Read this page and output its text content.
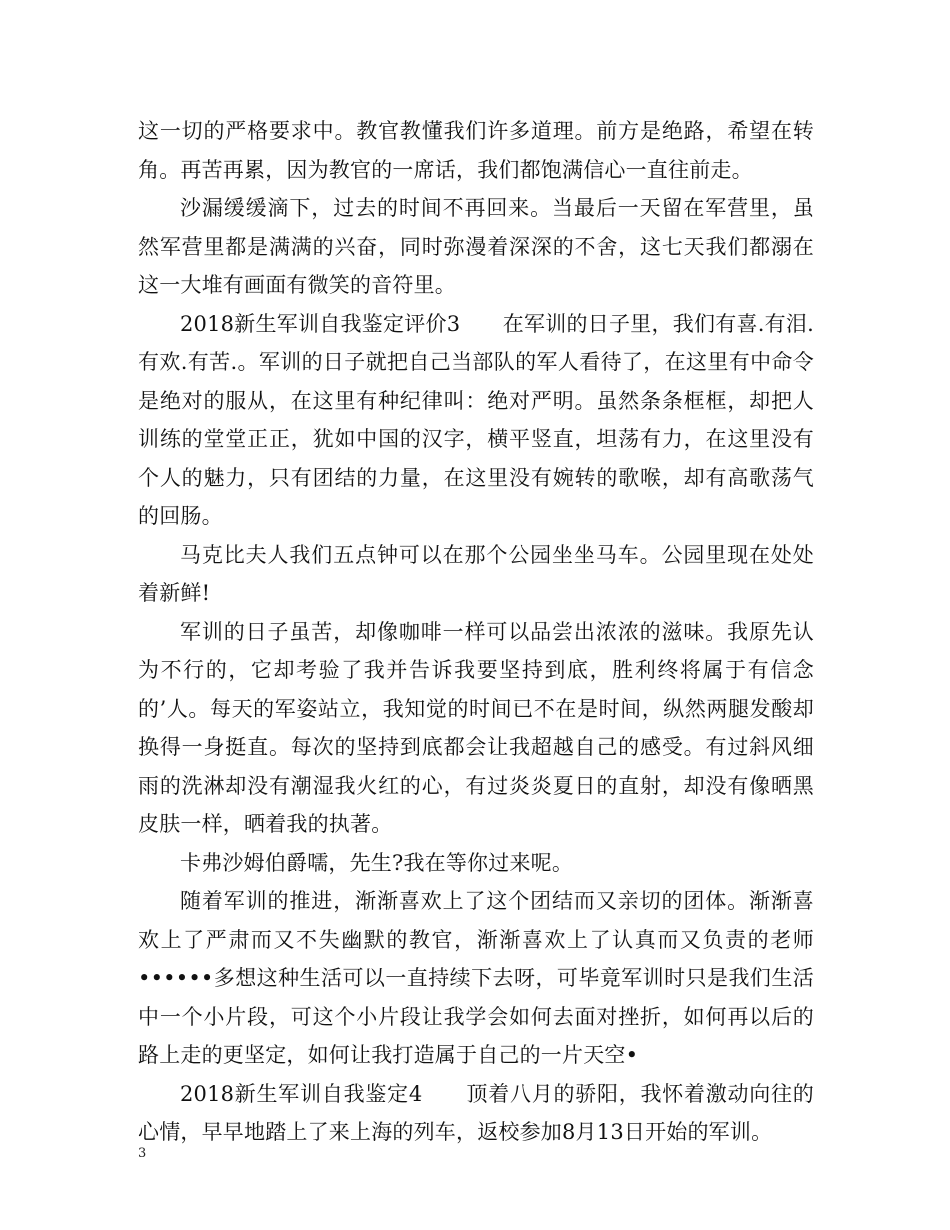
这一切的严格要求中。教官教懂我们许多道理。前方是绝路，希望在转角。再苦再累，因为教官的一席话，我们都饱满信心一直往前走。

沙漏缓缓滴下，过去的时间不再回来。当最后一天留在军营里，虽然军营里都是满满的兴奋，同时弥漫着深深的不舍，这七天我们都溺在这一大堆有画面有微笑的音符里。

2018新生军训自我鉴定评价3　　在军训的日子里，我们有喜.有泪.有欢.有苦.。军训的日子就把自己当部队的军人看待了，在这里有中命令是绝对的服从，在这里有种纪律叫：绝对严明。虽然条条框框，却把人训练的堂堂正正，犹如中国的汉字，横平竖直，坦荡有力，在这里没有个人的魅力，只有团结的力量，在这里没有婉转的歌喉，却有高歌荡气的回肠。

马克比夫人我们五点钟可以在那个公园坐坐马车。公园里现在处处着新鲜!

军训的日子虽苦，却像咖啡一样可以品尝出浓浓的滋味。我原先认为不行的，它却考验了我并告诉我要坚持到底，胜利终将属于有信念的’人。每天的军姿站立，我知觉的时间已不在是时间，纵然两腿发酸却换得一身挺直。每次的坚持到底都会让我超越自己的感受。有过斜风细雨的洗淋却没有潮湿我火红的心，有过炎炎夏日的直射，却没有像晒黑皮肤一样，晒着我的执著。

卡弗沙姆伯爵嚅，先生?我在等你过来呢。

随着军训的推进，渐渐喜欢上了这个团结而又亲切的团体。渐渐喜欢上了严肃而又不失幽默的教官，渐渐喜欢上了认真而又负责的老师••••••多想这种生活可以一直持续下去呀，可毕竟军训时只是我们生活中一个小片段，可这个小片段让我学会如何去面对挫折，如何再以后的路上走的更坚定，如何让我打造属于自己的一片天空•

2018新生军训自我鉴定4　　顶着八月的骄阳，我怀着激动向往的心情，早早地踏上了来上海的列车，返校参加8月13日开始的军训。

3
